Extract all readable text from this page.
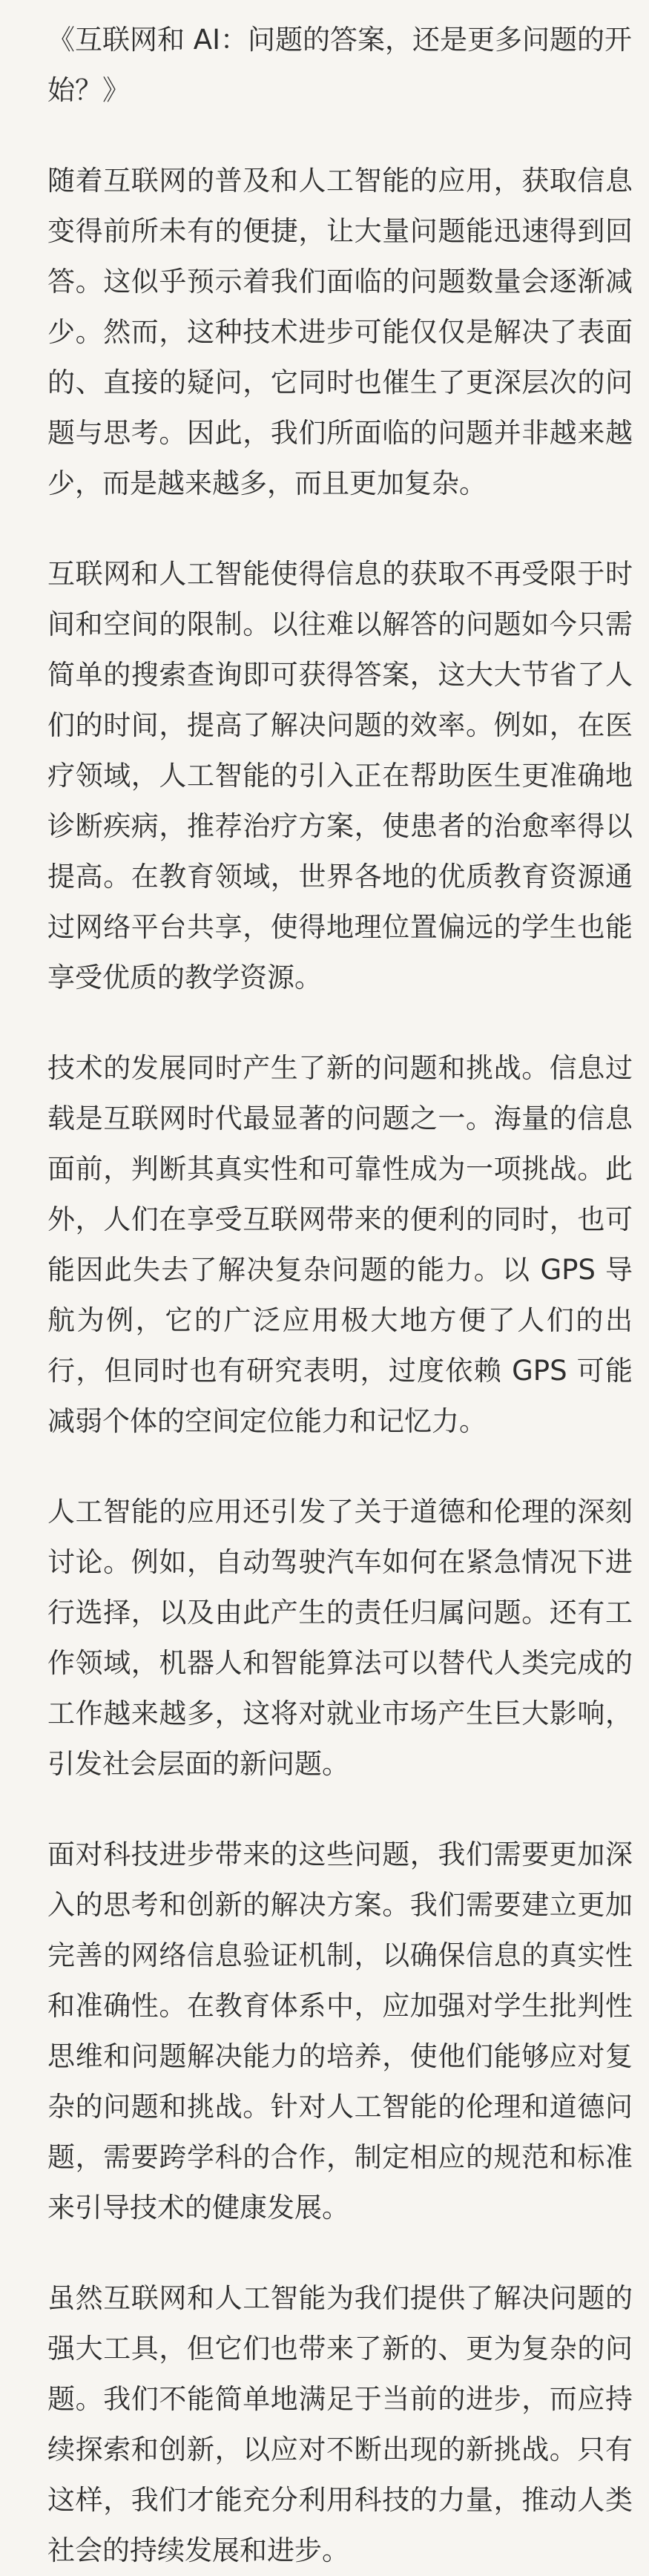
《互联网和 AI：问题的答案，还是更多问题的开始？》

随着互联网的普及和人工智能的应用，获取信息变得前所未有的便捷，让大量问题能迅速得到回答。这似乎预示着我们面临的问题数量会逐渐减少。然而，这种技术进步可能仅仅是解决了表面的、直接的疑问，它同时也催生了更深层次的问题与思考。因此，我们所面临的问题并非越来越少，而是越来越多，而且更加复杂。

互联网和人工智能使得信息的获取不再受限于时间和空间的限制。以往难以解答的问题如今只需简单的搜索查询即可获得答案，这大大节省了人们的时间，提高了解决问题的效率。例如，在医疗领域，人工智能的引入正在帮助医生更准确地诊断疾病，推荐治疗方案，使患者的治愈率得以提高。在教育领域，世界各地的优质教育资源通过网络平台共享，使得地理位置偏远的学生也能享受优质的教学资源。

技术的发展同时产生了新的问题和挑战。信息过载是互联网时代最显著的问题之一。海量的信息面前，判断其真实性和可靠性成为一项挑战。此外，人们在享受互联网带来的便利的同时，也可能因此失去了解决复杂问题的能力。以 GPS 导航为例，它的广泛应用极大地方便了人们的出行，但同时也有研究表明，过度依赖 GPS 可能减弱个体的空间定位能力和记忆力。

人工智能的应用还引发了关于道德和伦理的深刻讨论。例如，自动驾驶汽车如何在紧急情况下进行选择，以及由此产生的责任归属问题。还有工作领域，机器人和智能算法可以替代人类完成的工作越来越多，这将对就业市场产生巨大影响，引发社会层面的新问题。

面对科技进步带来的这些问题，我们需要更加深入的思考和创新的解决方案。我们需要建立更加完善的网络信息验证机制，以确保信息的真实性和准确性。在教育体系中，应加强对学生批判性思维和问题解决能力的培养，使他们能够应对复杂的问题和挑战。针对人工智能的伦理和道德问题，需要跨学科的合作，制定相应的规范和标准来引导技术的健康发展。

虽然互联网和人工智能为我们提供了解决问题的强大工具，但它们也带来了新的、更为复杂的问题。我们不能简单地满足于当前的进步，而应持续探索和创新，以应对不断出现的新挑战。只有这样，我们才能充分利用科技的力量，推动人类社会的持续发展和进步。
